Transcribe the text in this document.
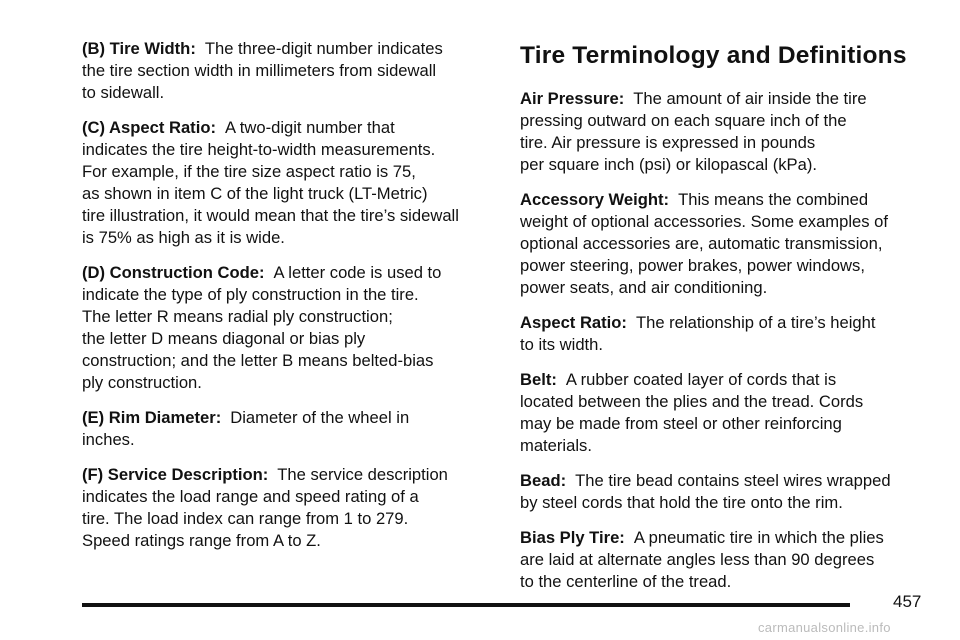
(B) Tire Width: The three-digit number indicates
the tire section width in millimeters from sidewall
to sidewall.

(C) Aspect Ratio: A two-digit number that
indicates the tire height-to-width measurements.
For example, if the tire size aspect ratio is 75,
as shown in item C of the light truck (LT-Metric)
tire illustration, it would mean that the tire’s sidewall
is 75% as high as it is wide.

(D) Construction Code: A letter code is used to
indicate the type of ply construction in the tire.
The letter R means radial ply construction;
the letter D means diagonal or bias ply
construction; and the letter B means belted-bias
ply construction.

(E) Rim Diameter: Diameter of the wheel in
inches.

(F) Service Description: The service description
indicates the load range and speed rating of a
tire. The load index can range from 1 to 279.
Speed ratings range from A to Z.

Tire Terminology and Definitions

Air Pressure: The amount of air inside the tire
pressing outward on each square inch of the
tire. Air pressure is expressed in pounds
per square inch (psi) or kilopascal (kPa).

Accessory Weight: This means the combined
weight of optional accessories. Some examples of
optional accessories are, automatic transmission,
power steering, power brakes, power windows,
power seats, and air conditioning.

Aspect Ratio: The relationship of a tire’s height
to its width.

Belt: A rubber coated layer of cords that is
located between the plies and the tread. Cords
may be made from steel or other reinforcing
materials.

Bead: The tire bead contains steel wires wrapped
by steel cords that hold the tire onto the rim.

Bias Ply Tire: A pneumatic tire in which the plies
are laid at alternate angles less than 90 degrees
to the centerline of the tread.

457
carmanualsonline.info
